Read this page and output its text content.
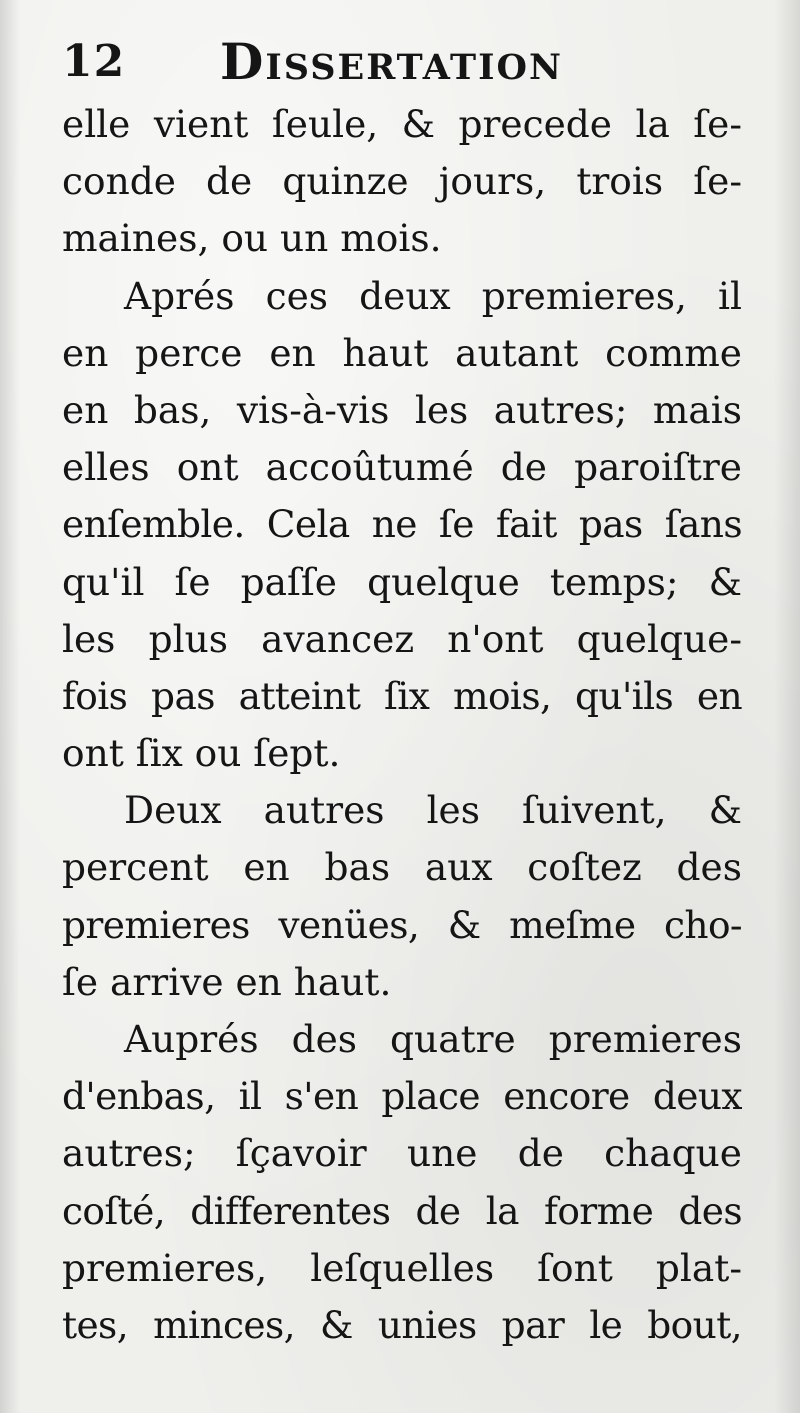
12 Dissertation
elle vient ſeule, & precede la ſe-
conde de quinze jours, trois ſe-
maines, ou un mois.
Aprés ces deux premieres, il
en perce en haut autant comme
en bas, vis-à-vis les autres; mais
elles ont accoûtumé de paroiſtre
enſemble. Cela ne ſe fait pas ſans
qu'il ſe paſſe quelque temps; &
les plus avancez n'ont quelque-
fois pas atteint ſix mois, qu'ils en
ont ſix ou ſept.
Deux autres les ſuivent, &
percent en bas aux coſtez des
premieres venües, & meſme cho-
ſe arrive en haut.
Auprés des quatre premieres
d'enbas, il s'en place encore deux
autres; ſçavoir une de chaque
coſté, differentes de la forme des
premieres, leſquelles ſont plat-
tes, minces, & unies par le bout,
